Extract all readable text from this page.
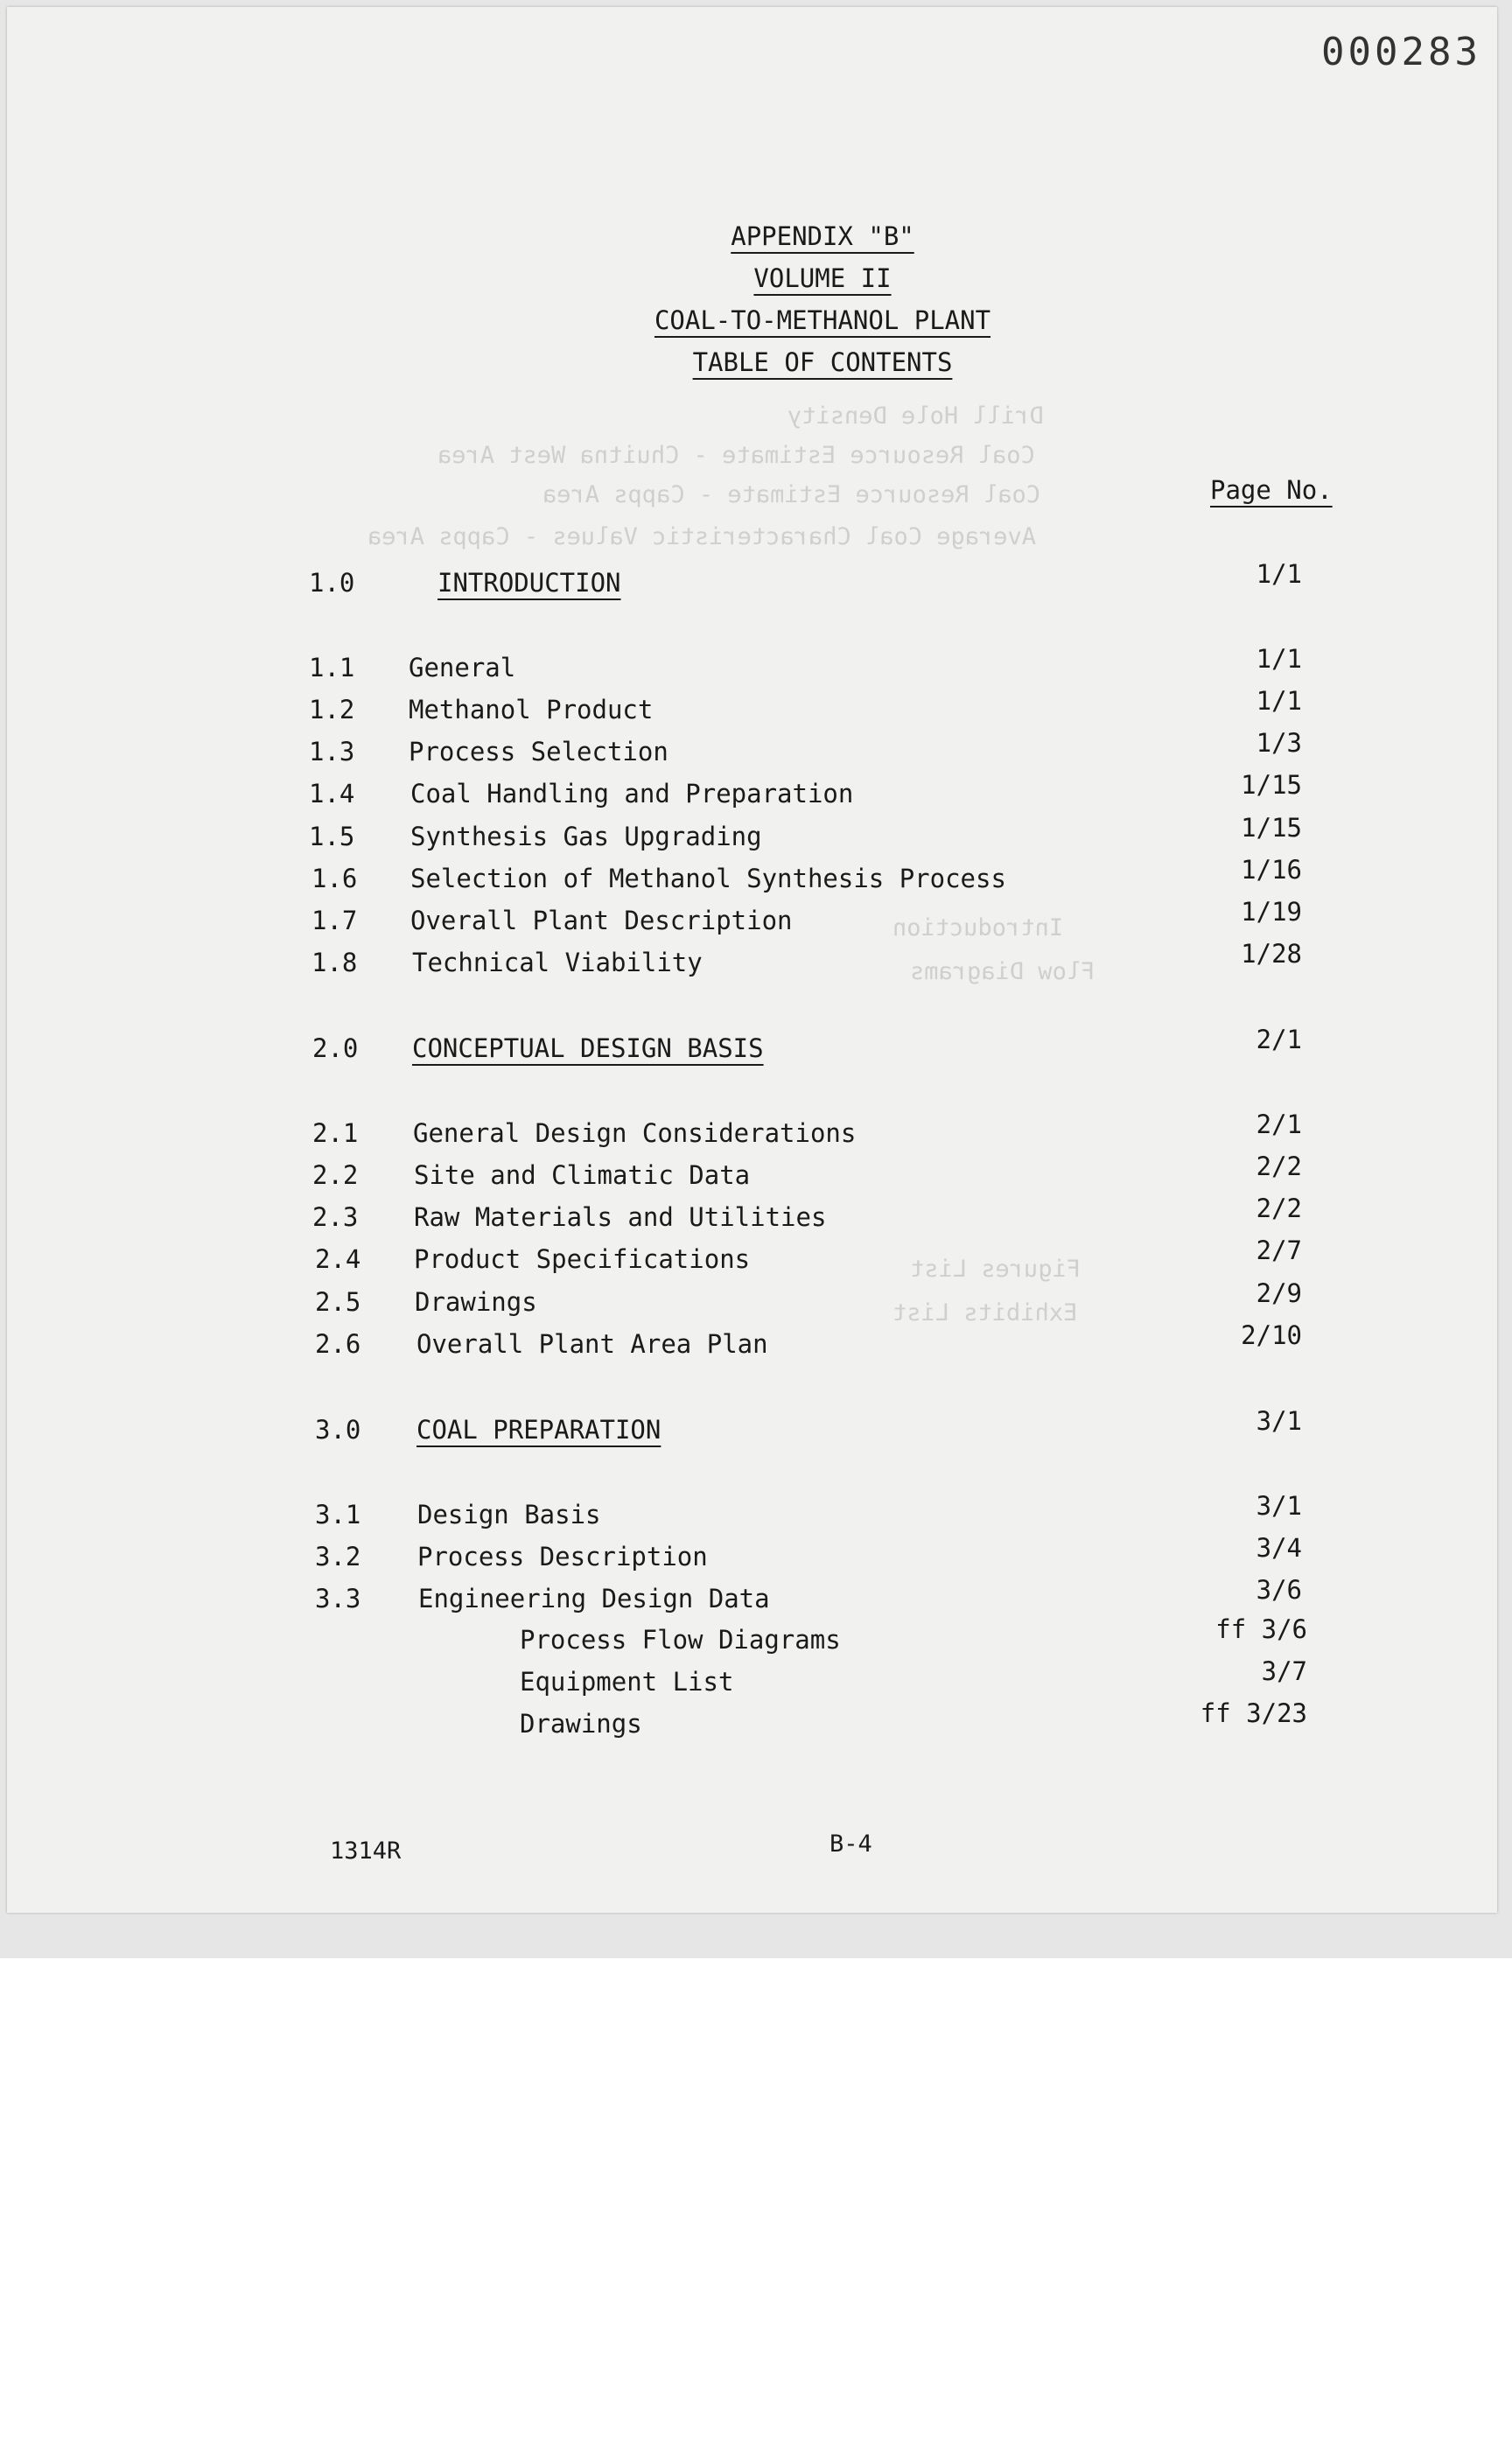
Drill Hole Density
Coal Resource Estimate - Chuitna West Area
Coal Resource Estimate - Capps Area
Average Coal Characteristic Values - Capps Area
Introduction
Flow Diagrams
Figures List
Exhibits List
000283
APPENDIX "B"
VOLUME II
COAL-TO-METHANOL PLANT
TABLE OF CONTENTS
Page No.
1.0	INTRODUCTION	1/1
1.1 General	1/1
1.2 Methanol Product	1/1
1.3 Process Selection	1/3
1.4 Coal Handling and Preparation	1/15
1.5 Synthesis Gas Upgrading	1/15
1.6 Selection of Methanol Synthesis Process	1/16
1.7 Overall Plant Description	1/19
1.8 Technical Viability	1/28
2.0 CONCEPTUAL DESIGN BASIS	2/1
2.1 General Design Considerations	2/1
2.2 Site and Climatic Data	2/2
2.3 Raw Materials and Utilities	2/2
2.4 Product Specifications	2/7
2.5 Drawings	2/9
2.6 Overall Plant Area Plan	2/10
3.0 COAL PREPARATION	3/1
3.1 Design Basis	3/1
3.2 Process Description	3/4
3.3 Engineering Design Data	3/6
Process Flow Diagrams	ff 3/6
Equipment List	3/7
Drawings	ff 3/23
1314R	B-4
